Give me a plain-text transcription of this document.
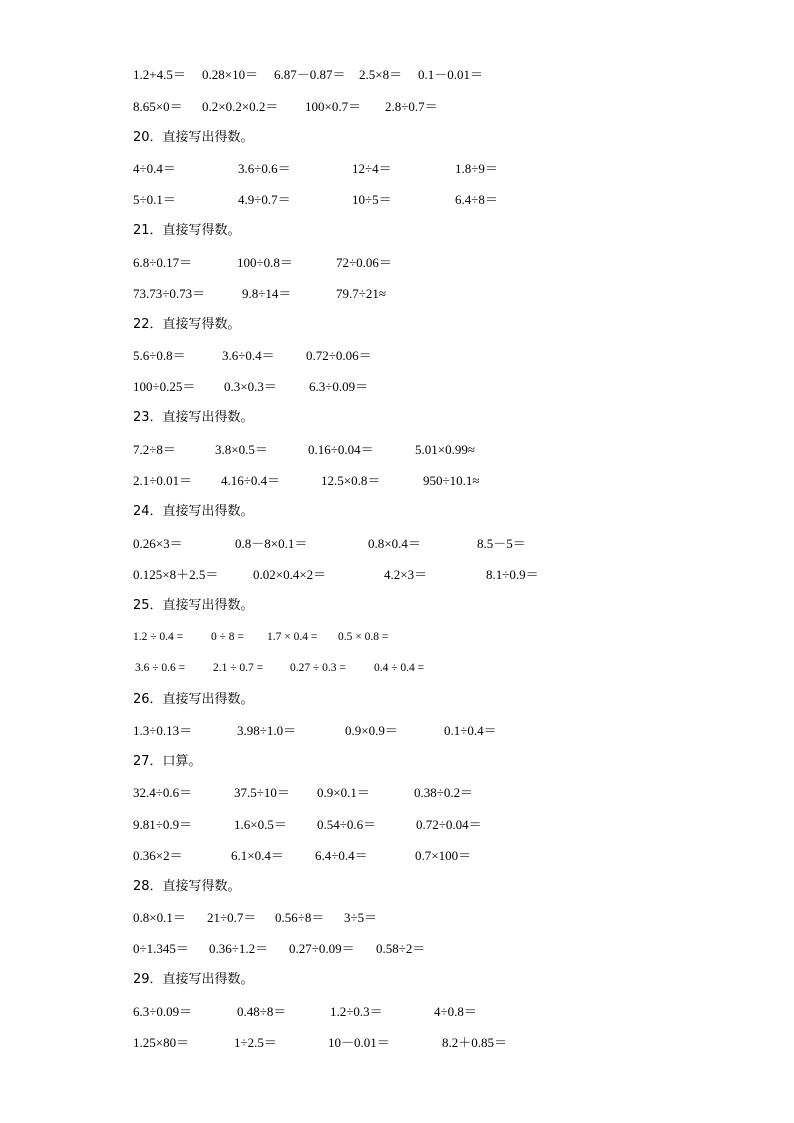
1.2+4.5＝ 0.28×10＝ 6.87－0.87＝ 2.5×8＝ 0.1－0.01＝
8.65×0＝ 0.2×0.2×0.2＝ 100×0.7＝ 2.8÷0.7＝
20．直接写出得数。
4÷0.4＝	3.6÷0.6＝	12÷4＝	1.8÷9＝
5÷0.1＝	4.9÷0.7＝	10÷5＝	6.4÷8＝
21．直接写得数。
6.8÷0.17＝	100÷0.8＝	72÷0.06＝
73.73÷0.73＝	9.8÷14＝	79.7÷21≈
22．直接写得数。
5.6÷0.8＝	3.6÷0.4＝ 0.72÷0.06＝
100÷0.25＝ 0.3×0.3＝ 6.3÷0.09＝
23．直接写出得数。
7.2÷8＝	3.8×0.5＝	0.16÷0.04＝	5.01×0.99≈
2.1÷0.01＝ 4.16÷0.4＝	12.5×0.8＝	950÷10.1≈
24．直接写出得数。
0.26×3＝	0.8－8×0.1＝	0.8×0.4＝	8.5－5＝
0.125×8＋2.5＝	0.02×0.4×2＝	4.2×3＝	8.1÷0.9＝
25．直接写出得数。
1.2 ÷ 0.4 = 0 ÷ 8 = 1.7 × 0.4 = 0.5 × 0.8 =
3.6 ÷ 0.6 = 2.1 ÷ 0.7 = 0.27 ÷ 0.3 = 0.4 ÷ 0.4 =
26．直接写出得数。
1.3÷0.13＝	3.98÷1.0＝	0.9×0.9＝	0.1÷0.4＝
27．口算。
32.4÷0.6＝	37.5÷10＝ 0.9×0.1＝	0.38÷0.2＝
9.81÷0.9＝	1.6×0.5＝ 0.54÷0.6＝	0.72÷0.04＝
0.36×2＝	6.1×0.4＝ 6.4÷0.4＝	0.7×100＝
28．直接写得数。
0.8×0.1＝ 21÷0.7＝ 0.56÷8＝ 3÷5＝
0÷1.345＝ 0.36÷1.2＝ 0.27÷0.09＝ 0.58÷2＝
29．直接写出得数。
6.3÷0.09＝	0.48÷8＝	1.2÷0.3＝	4÷0.8＝
1.25×80＝	1÷2.5＝	10－0.01＝	8.2＋0.85＝
